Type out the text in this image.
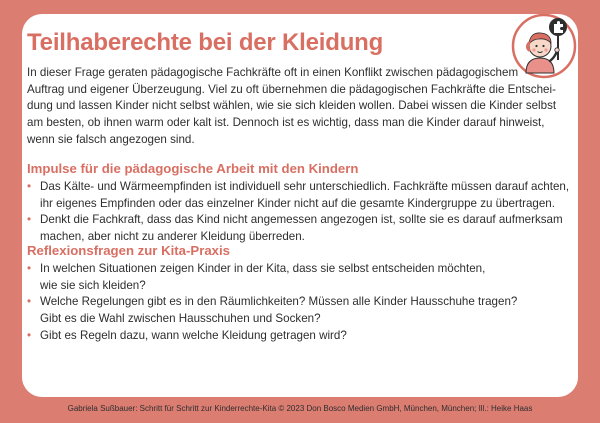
Teilhaberechte bei der Kleidung

In dieser Frage geraten pädagogische Fachkräfte oft in einen Konflikt zwischen pädagogischem
Auftrag und eigener Überzeugung. Viel zu oft übernehmen die pädagogischen Fachkräfte die Entschei-
dung und lassen Kinder nicht selbst wählen, wie sie sich kleiden wollen. Dabei wissen die Kinder selbst
am besten, ob ihnen warm oder kalt ist. Dennoch ist es wichtig, dass man die Kinder darauf hinweist,
wenn sie falsch angezogen sind.

Impulse für die pädagogische Arbeit mit den Kindern
• Das Kälte- und Wärmeempfinden ist individuell sehr unterschiedlich. Fachkräfte müssen darauf achten,
ihr eigenes Empfinden oder das einzelner Kinder nicht auf die gesamte Kindergruppe zu übertragen.
• Denkt die Fachkraft, dass das Kind nicht angemessen angezogen ist, sollte sie es darauf aufmerksam
machen, aber nicht zu anderer Kleidung überreden.
Reflexionsfragen zur Kita-Praxis
• In welchen Situationen zeigen Kinder in der Kita, dass sie selbst entscheiden möchten,
wie sie sich kleiden?
• Welche Regelungen gibt es in den Räumlichkeiten? Müssen alle Kinder Hausschuhe tragen?
Gibt es die Wahl zwischen Hausschuhen und Socken?
• Gibt es Regeln dazu, wann welche Kleidung getragen wird?
Gabriela Sußbauer: Schritt für Schritt zur Kinderrechte-Kita © 2023 Don Bosco Medien GmbH, München, München; Ill.: Heike Haas
